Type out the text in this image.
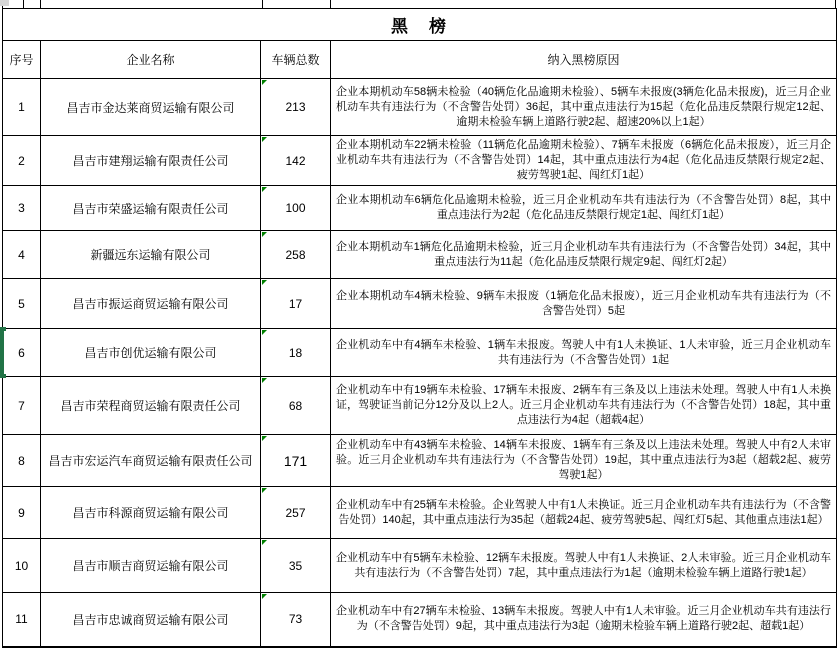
黑　榜			
序号	企业名称	车辆总数	纳入黑榜原因
1	昌吉市金达莱商贸运输有限公司	213	企业本期机动车58辆未检验（40辆危化品逾期未检验）、5辆车未报废(3辆危化品未报废)，近三月企业机动车共有违法行为（不含警告处罚）36起，其中重点违法行为15起（危化品违反禁限行规定12起、逾期未检验车辆上道路行驶2起、超速20%以上1起）
2	昌吉市建翔运输有限责任公司	142	企业本期机动车22辆未检验（11辆危化品逾期未检验）、7辆车未报废（6辆危化品未报废），近三月企业机动车共有违法行为（不含警告处罚）14起，其中重点违法行为4起（危化品违反禁限行规定2起、疲劳驾驶1起、闯红灯1起）
3	昌吉市荣盛运输有限责任公司	100	企业本期机动车6辆危化品逾期未检验，近三月企业机动车共有违法行为（不含警告处罚）8起，其中重点违法行为2起（危化品违反禁限行规定1起、闯红灯1起）
4	新疆远东运输有限公司	258	企业本期机动车1辆危化品逾期未检验，近三月企业机动车共有违法行为（不含警告处罚）34起，其中重点违法行为11起（危化品违反禁限行规定9起、闯红灯2起）
5	昌吉市振运商贸运输有限公司	17	企业本期机动车4辆未检验、9辆车未报废（1辆危化品未报废），近三月企业机动车共有违法行为（不含警告处罚）5起
6	昌吉市创优运输有限公司	18	企业机动车中有4辆车未检验、1辆车未报废。驾驶人中有1人未换证、1人未审验，近三月企业机动车共有违法行为（不含警告处罚）1起
7	昌吉市荣程商贸运输有限责任公司	68	企业机动车中有19辆车未检验、17辆车未报废、2辆车有三条及以上违法未处理。驾驶人中有1人未换证，驾驶证当前记分12分及以上2人。近三月企业机动车共有违法行为（不含警告处罚）18起，其中重点违法行为4起（超载4起）
8	昌吉市宏运汽车商贸运输有限责任公司	171	企业机动车中有43辆车未检验、14辆车未报废、1辆车有三条及以上违法未处理。驾驶人中有2人未审验。近三月企业机动车共有违法行为（不含警告处罚）19起，其中重点违法行为3起（超载2起、疲劳驾驶1起）
9	昌吉市科源商贸运输有限公司	257	企业机动车中有25辆车未检验。企业驾驶人中有1人未换证。近三月企业机动车共有违法行为（不含警告处罚）140起，其中重点违法行为35起（超载24起、疲劳驾驶5起、闯红灯5起、其他重点违法1起）
10	昌吉市顺吉商贸运输有限公司	35	企业机动车中有5辆车未检验、12辆车未报废。驾驶人中有1人未换证、2人未审验。近三月企业机动车共有违法行为（不含警告处罚）7起，其中重点违法行为1起（逾期未检验车辆上道路行驶1起）
11	昌吉市忠诚商贸运输有限公司	73	企业机动车中有27辆车未检验、13辆车未报废。驾驶人中有1人未审验。近三月企业机动车共有违法行为（不含警告处罚）9起，其中重点违法行为3起（逾期未检验车辆上道路行驶2起、超载1起）
